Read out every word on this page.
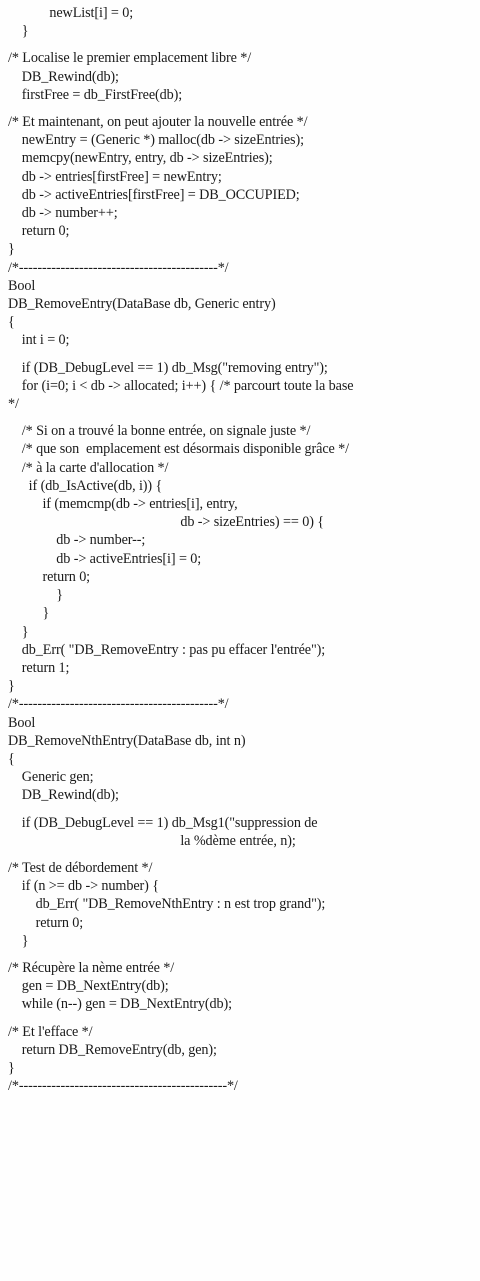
newList[i] = 0;
}
/* Localise le premier emplacement libre */
DB_Rewind(db);
firstFree = db_FirstFree(db);
/* Et maintenant, on peut ajouter la nouvelle entrée */
newEntry = (Generic *) malloc(db -> sizeEntries);
memcpy(newEntry, entry, db -> sizeEntries);
db -> entries[firstFree] = newEntry;
db -> activeEntries[firstFree] = DB_OCCUPIED;
db -> number++;
return 0;
}
/*-------------------------------------------*/
Bool
DB_RemoveEntry(DataBase db, Generic entry)
{
int i = 0;
if (DB_DebugLevel == 1) db_Msg("removing entry");
for (i=0; i < db -> allocated; i++) { /* parcourt toute la base
*/
/* Si on a trouvé la bonne entrée, on signale juste */
/* que son  emplacement est désormais disponible grâce */
/* à la carte d'allocation */
if (db_IsActive(db, i)) {
if (memcmp(db -> entries[i], entry,
db -> sizeEntries) == 0) {
db -> number--;
db -> activeEntries[i] = 0;
return 0;
}
}
}
db_Err( "DB_RemoveEntry : pas pu effacer l'entrée");
return 1;
}
/*-------------------------------------------*/
Bool
DB_RemoveNthEntry(DataBase db, int n)
{
Generic gen;
DB_Rewind(db);
if (DB_DebugLevel == 1) db_Msg1("suppression de
la %dème entrée, n);
/* Test de débordement */
if (n >= db -> number) {
db_Err( "DB_RemoveNthEntry : n est trop grand");
return 0;
}
/* Récupère la nème entrée */
gen = DB_NextEntry(db);
while (n--) gen = DB_NextEntry(db);
/* Et l'efface */
return DB_RemoveEntry(db, gen);
}
/*---------------------------------------------*/
